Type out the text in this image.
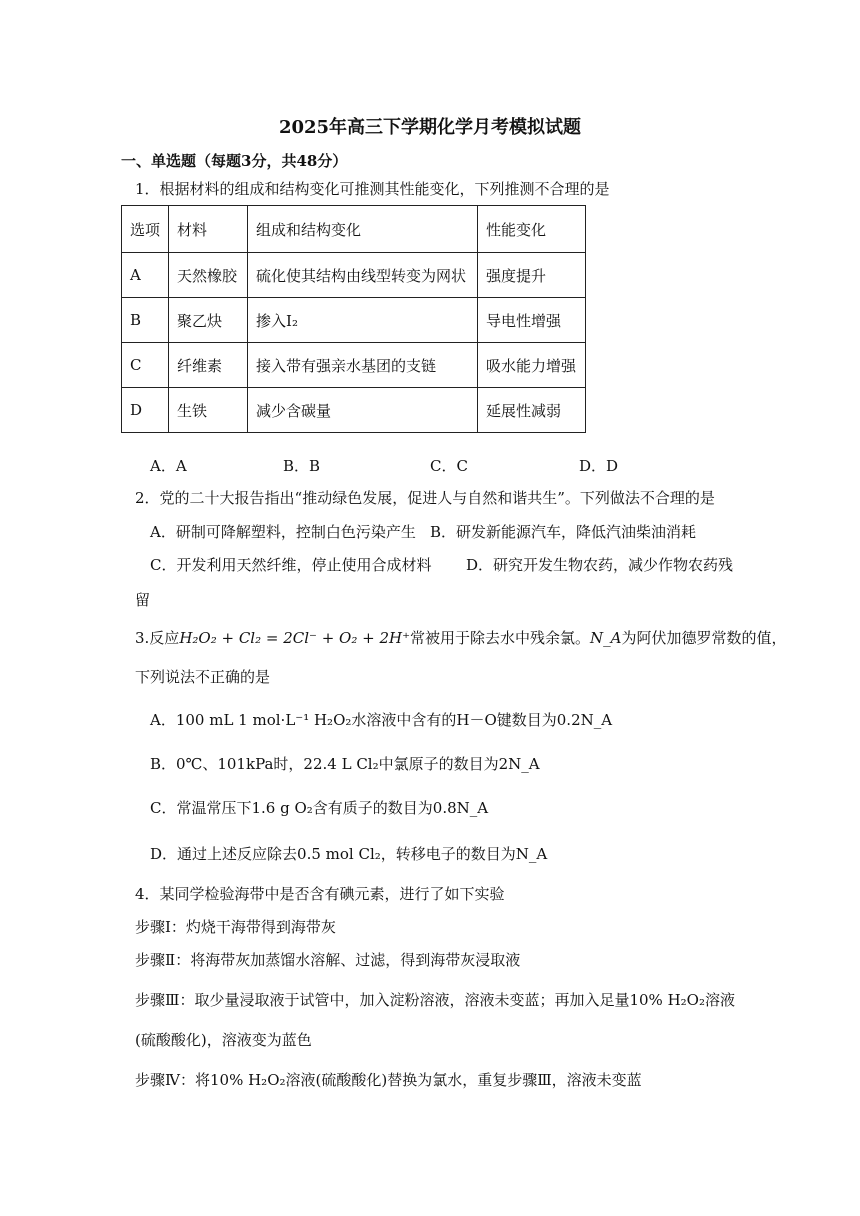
2025年高三下学期化学月考模拟试题
一、单选题（每题3分，共48分）
1．根据材料的组成和结构变化可推测其性能变化，下列推测不合理的是
选项	材料	组成和结构变化	性能变化
A	天然橡胶	硫化使其结构由线型转变为网状	强度提升
B	聚乙炔	掺入I₂	导电性增强
C	纤维素	接入带有强亲水基团的支链	吸水能力增强
D	生铁	减少含碳量	延展性减弱
A．A	B．B	C．C	D．D
2．党的二十大报告指出“推动绿色发展，促进人与自然和谐共生”。下列做法不合理的是
A．研制可降解塑料，控制白色污染产生 B．研发新能源汽车，降低汽油柴油消耗
C．开发利用天然纤维，停止使用合成材料 D．研究开发生物农药，减少作物农药残
留
3.反应H₂O₂ + Cl₂ = 2Cl⁻ + O₂ + 2H⁺常被用于除去水中残余氯。N_A为阿伏加德罗常数的值，
下列说法不正确的是
A．100 mL 1 mol·L⁻¹ H₂O₂水溶液中含有的H－O键数目为0.2N_A
B．0℃、101kPa时，22.4 L Cl₂中氯原子的数目为2N_A
C．常温常压下1.6 g O₂含有质子的数目为0.8N_A
D．通过上述反应除去0.5 mol Cl₂，转移电子的数目为N_A
4．某同学检验海带中是否含有碘元素，进行了如下实验
步骤Ⅰ：灼烧干海带得到海带灰
步骤Ⅱ：将海带灰加蒸馏水溶解、过滤，得到海带灰浸取液
步骤Ⅲ：取少量浸取液于试管中，加入淀粉溶液，溶液未变蓝；再加入足量10% H₂O₂溶液
(硫酸酸化)，溶液变为蓝色
步骤Ⅳ：将10% H₂O₂溶液(硫酸酸化)替换为氯水，重复步骤Ⅲ，溶液未变蓝
